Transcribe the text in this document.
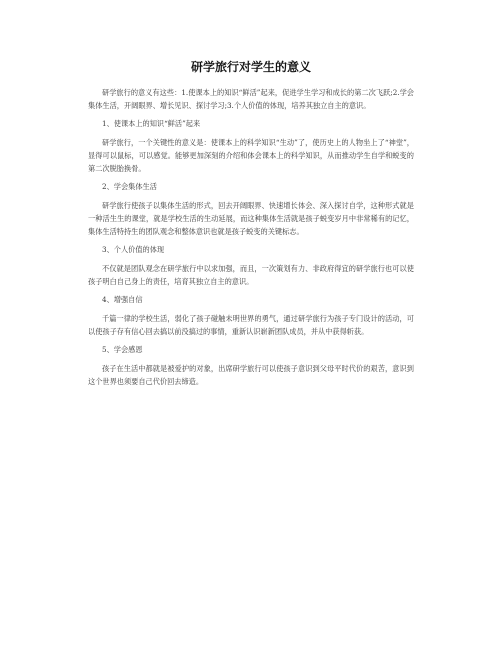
研学旅行对学生的意义

研学旅行的意义有这些：1.使课本上的知识“鲜活”起来，促进学生学习和成长的第二次飞跃;2.学会集体生活，开阔眼界、增长见识、探讨学习;3.个人价值的体现，培养其独立自主的意识。

1、使课本上的知识“鲜活”起来

研学旅行，一个关键性的意义是：使课本上的科学知识“生动”了，使历史上的人物坐上了“神堂”，显得可以鼠标，可以感觉。能够更加深刻的介绍和体会课本上的科学知识，从而推动学生自学和蜕变的第二次脱胎换骨。

2、学会集体生活

研学旅行使孩子以集体生活的形式，回去开阔眼界、快速增长体会、深入探讨自学，这种形式就是一种活生生的课堂，就是学校生活的生动延展，而这种集体生活就是孩子蜕变岁月中非常稀有的记忆，集体生活特持生的团队观念和整体意识也就是孩子蜕变的关键标志。

3、个人价值的体现

不仅就是团队观念在研学旅行中以求加强，而且，一次策划有力、非政府得宜的研学旅行也可以使孩子明白自己身上的责任，培育其独立自主的意识。

4、增强自信

千篇一律的学校生活，弱化了孩子碰触未明世界的勇气，通过研学旅行为孩子专门设计的活动，可以使孩子存有信心回去搞以前没搞过的事情，重新认识崭新团队成员，并从中获得斩获。

5、学会感恩

孩子在生活中都就是被爱护的对象，出席研学旅行可以使孩子意识到父母平时代价的艰苦，意识到这个世界也须要自己代价回去缔造。
